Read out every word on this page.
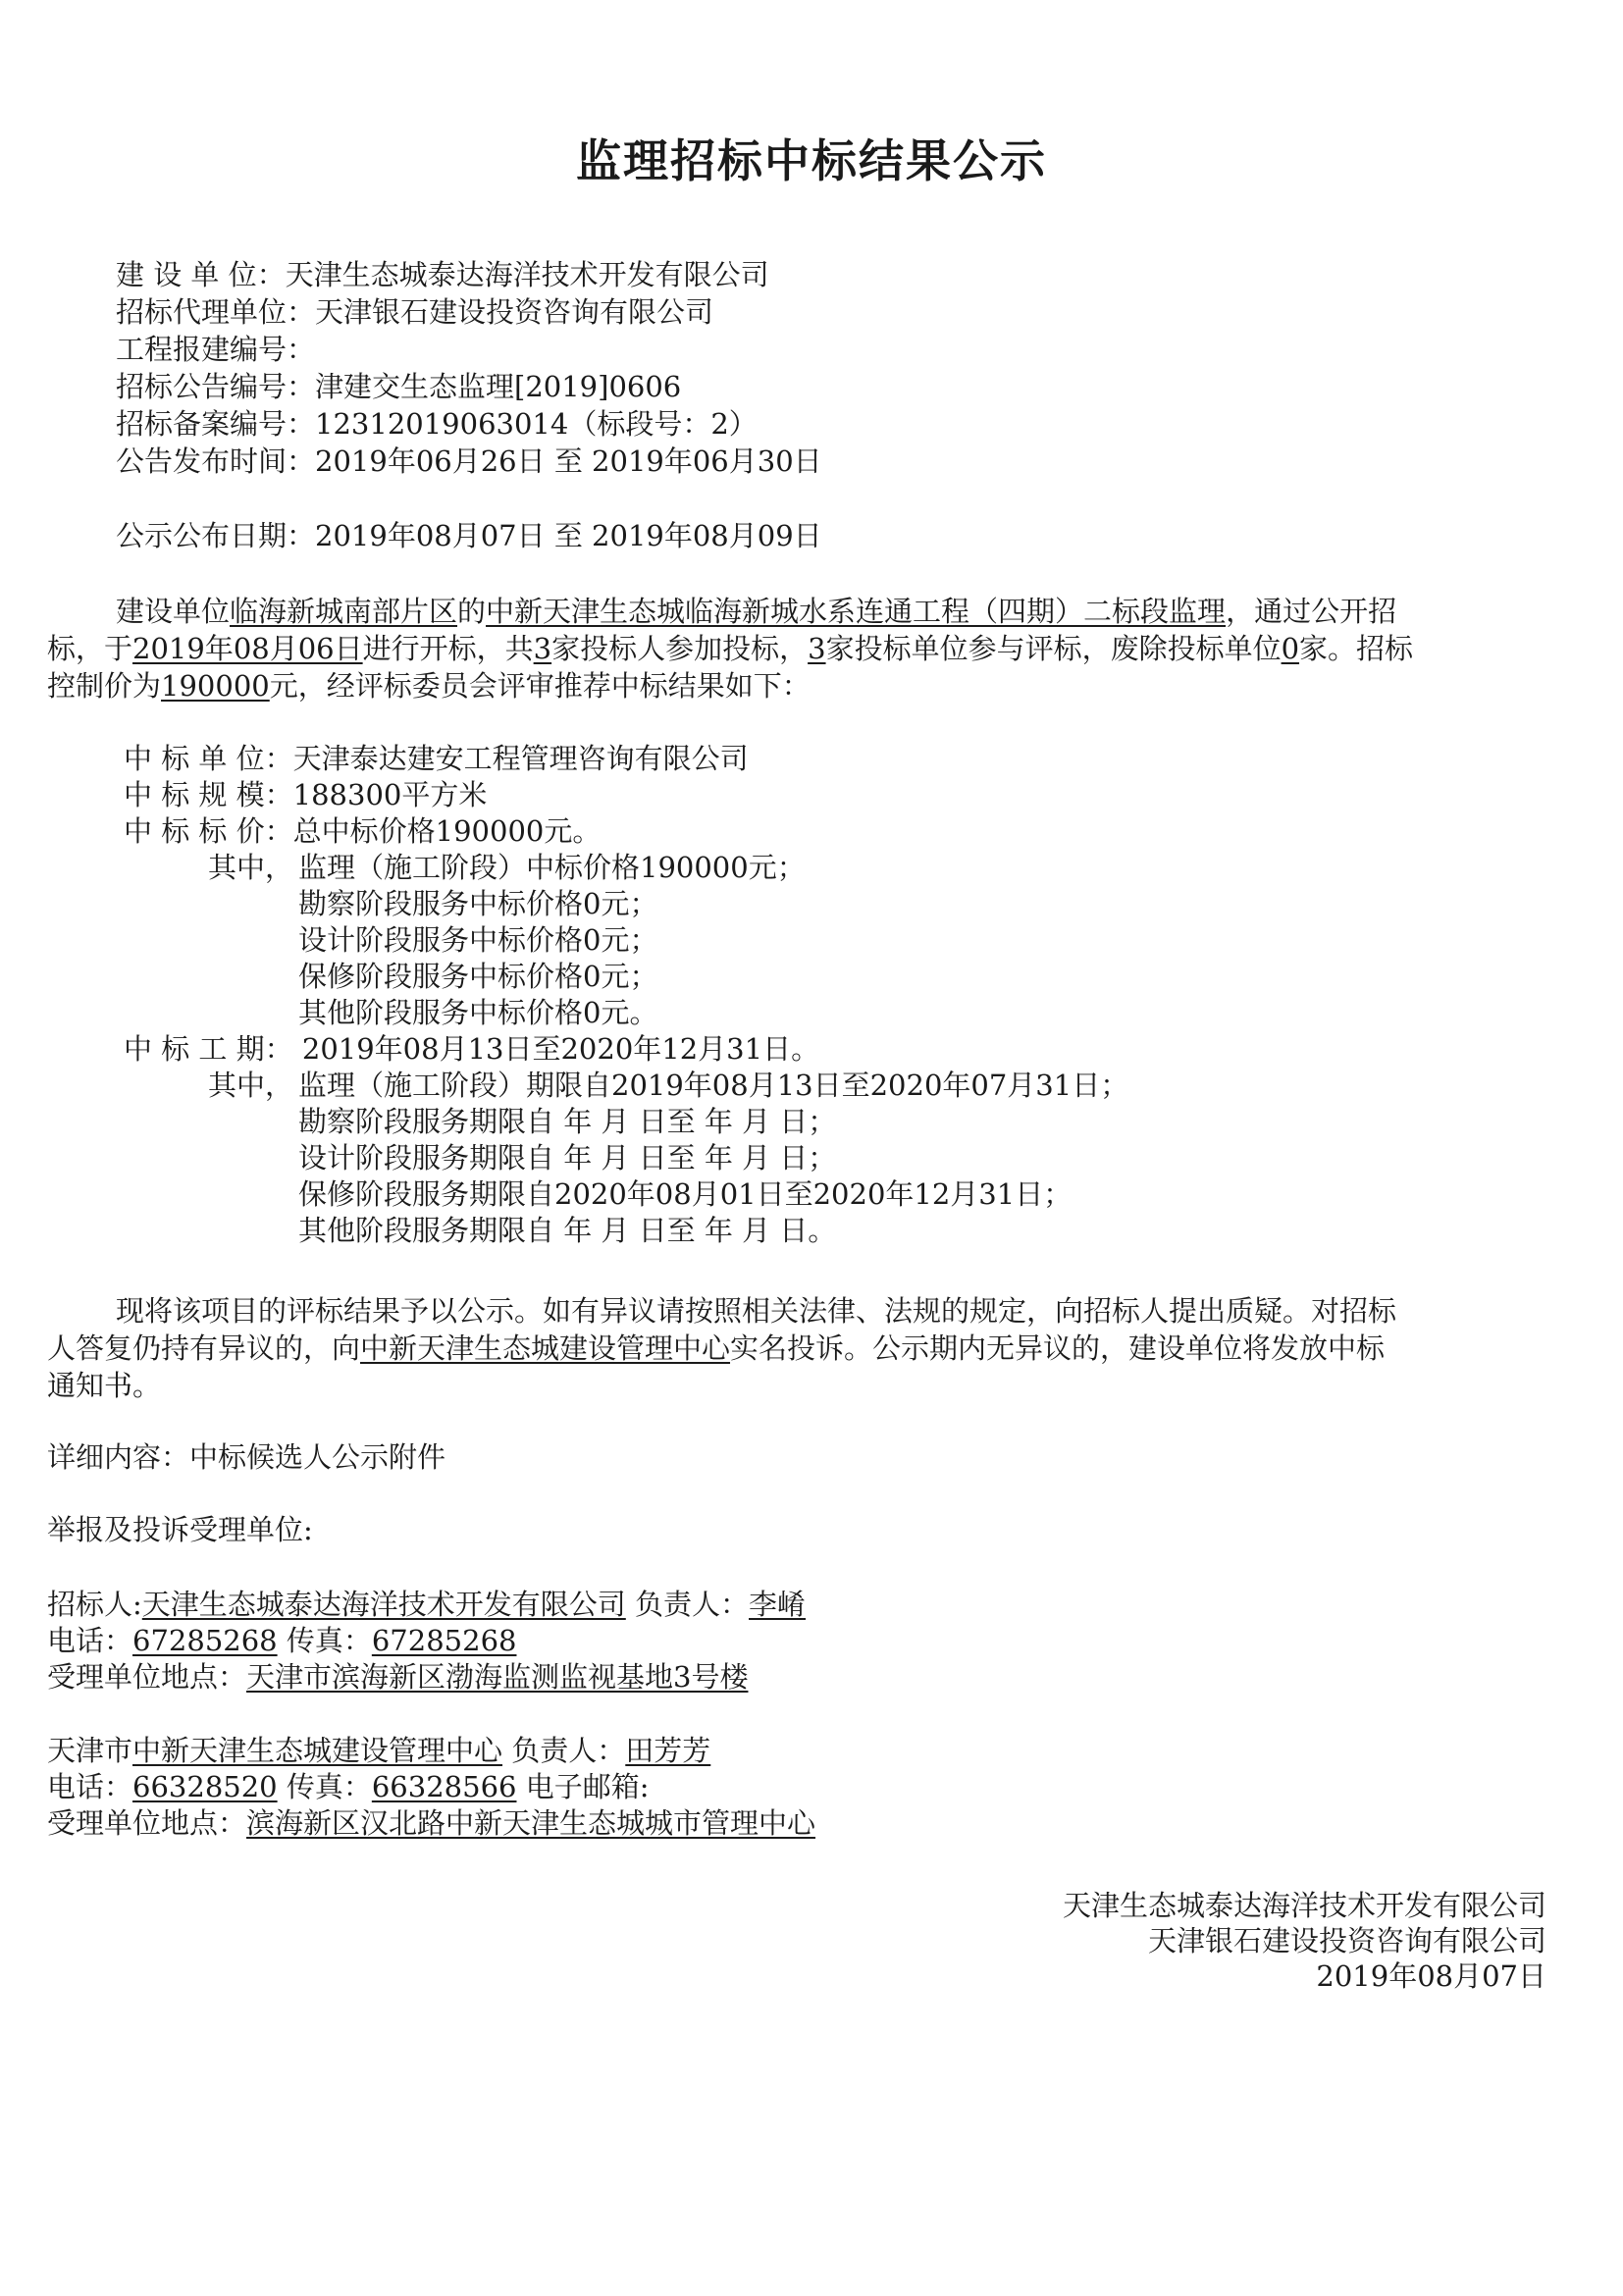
监理招标中标结果公示
建 设 单 位：天津生态城泰达海洋技术开发有限公司
招标代理单位：天津银石建设投资咨询有限公司
工程报建编号：
招标公告编号：津建交生态监理[2019]0606
招标备案编号：12312019063014（标段号：2）
公告发布时间：2019年06月26日 至 2019年06月30日
公示公布日期：2019年08月07日 至 2019年08月09日
建设单位临海新城南部片区的中新天津生态城临海新城水系连通工程（四期）二标段监理，通过公开招
标，于2019年08月06日进行开标，共3家投标人参加投标，3家投标单位参与评标，废除投标单位0家。招标
控制价为190000元，经评标委员会评审推荐中标结果如下：
中 标 单 位：天津泰达建安工程管理咨询有限公司
中 标 规 模：188300平方米
中 标 标 价：总中标价格190000元。
其中， 监理（施工阶段）中标价格190000元；
勘察阶段服务中标价格0元；
设计阶段服务中标价格0元；
保修阶段服务中标价格0元；
其他阶段服务中标价格0元。
中 标 工 期： 2019年08月13日至2020年12月31日。
其中， 监理（施工阶段）期限自2019年08月13日至2020年07月31日；
勘察阶段服务期限自 年 月 日至 年 月 日；
设计阶段服务期限自 年 月 日至 年 月 日；
保修阶段服务期限自2020年08月01日至2020年12月31日；
其他阶段服务期限自 年 月 日至 年 月 日。
现将该项目的评标结果予以公示。如有异议请按照相关法律、法规的规定，向招标人提出质疑。对招标
人答复仍持有异议的，向中新天津生态城建设管理中心实名投诉。公示期内无异议的，建设单位将发放中标
通知书。
详细内容：中标候选人公示附件
举报及投诉受理单位:
招标人:天津生态城泰达海洋技术开发有限公司 负责人：李崤
电话：67285268 传真：67285268
受理单位地点：天津市滨海新区渤海监测监视基地3号楼
天津市中新天津生态城建设管理中心 负责人：田芳芳
电话：66328520 传真：66328566 电子邮箱:
受理单位地点：滨海新区汉北路中新天津生态城城市管理中心
天津生态城泰达海洋技术开发有限公司
天津银石建设投资咨询有限公司
2019年08月07日
